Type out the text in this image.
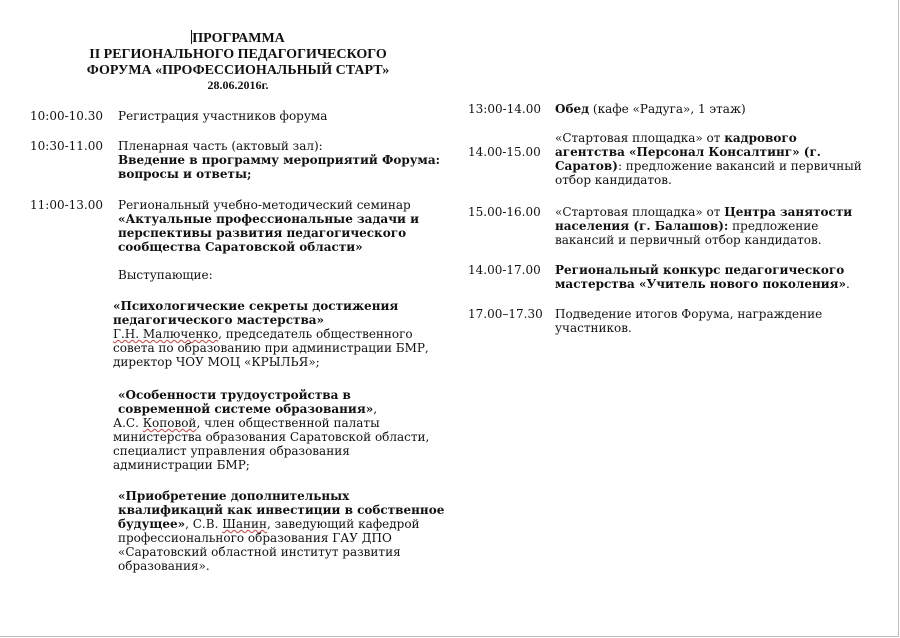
ПРОГРАММА
II РЕГИОНАЛЬНОГО ПЕДАГОГИЧЕСКОГО
ФОРУМА «ПРОФЕССИОНАЛЬНЫЙ СТАРТ»
28.06.2016г.
10:00-10.30 Регистрация участников форума
10:30-11.00 Пленарная часть (актовый зал):
Введение в программу мероприятий Форума: вопросы и ответы;
11:00-13.00 Региональный учебно-методический семинар
«Актуальные профессиональные задачи и перспективы развития педагогического сообщества Саратовской области»
Выступающие:
«Психологические секреты достижения педагогического мастерства»
Г.Н. Малюченко, председатель общественного совета по образованию при администрации БМР, директор ЧОУ МОЦ «КРЫЛЬЯ»;
«Особенности трудоустройства в современной системе образования»,
А.С. Коповой, член общественной палаты министерства образования Саратовской области, специалист управления образования администрации БМР;
«Приобретение дополнительных квалификаций как инвестиции в собственное будущее», С.В. Шанин, заведующий кафедрой профессионального образования ГАУ ДПО «Саратовский областной институт развития образования».
13:00-14.00 Обед (кафе «Радуга», 1 этаж)
14.00-15.00
«Стартовая площадка» от кадрового агентства «Персонал Консалтинг» (г. Саратов): предложение вакансий и первичный отбор кандидатов.
15.00-16.00 «Стартовая площадка» от Центра занятости населения (г. Балашов): предложение вакансий и первичный отбор кандидатов.
14.00-17.00 Региональный конкурс педагогического мастерства «Учитель нового поколения».
17.00–17.30 Подведение итогов Форума, награждение участников.
